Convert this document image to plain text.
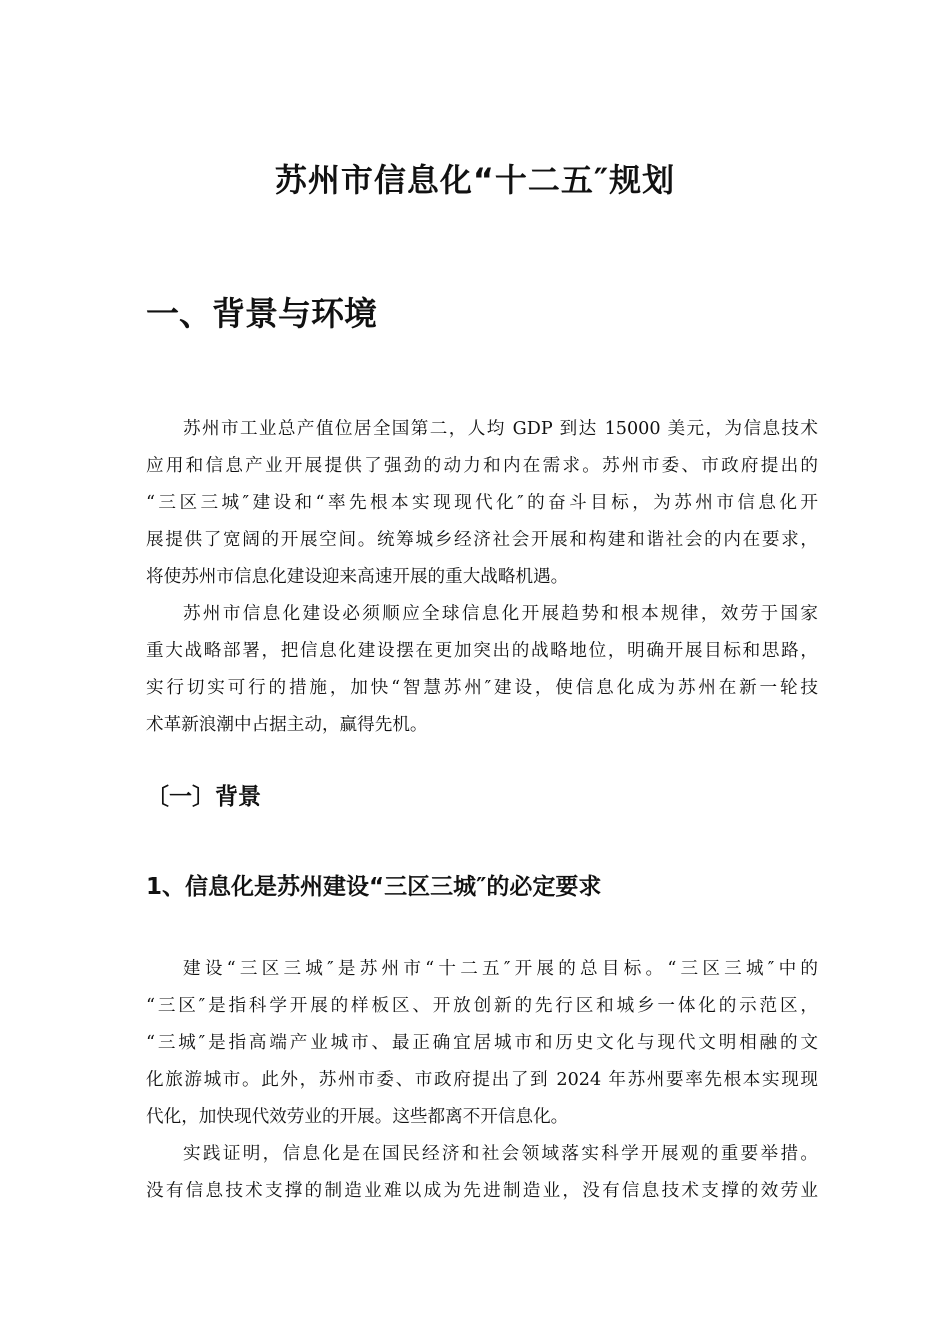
苏州市信息化“十二五″规划
一、背景与环境
苏州市工业总产值位居全国第二，人均 GDP 到达 15000 美元，为信息技术
应用和信息产业开展提供了强劲的动力和内在需求。苏州市委、市政府提出的
“三区三城″建设和“率先根本实现现代化″的奋斗目标，为苏州市信息化开
展提供了宽阔的开展空间。统筹城乡经济社会开展和构建和谐社会的内在要求，
将使苏州市信息化建设迎来高速开展的重大战略机遇。
苏州市信息化建设必须顺应全球信息化开展趋势和根本规律，效劳于国家
重大战略部署，把信息化建设摆在更加突出的战略地位，明确开展目标和思路，
实行切实可行的措施，加快“智慧苏州″建设，使信息化成为苏州在新一轮技
术革新浪潮中占据主动，赢得先机。
〔一〕背景
1、信息化是苏州建设“三区三城″的必定要求
建设“三区三城″是苏州市“十二五″开展的总目标。“三区三城″中的
“三区″是指科学开展的样板区、开放创新的先行区和城乡一体化的示范区，
“三城″是指高端产业城市、最正确宜居城市和历史文化与现代文明相融的文
化旅游城市。此外，苏州市委、市政府提出了到 2024 年苏州要率先根本实现现
代化，加快现代效劳业的开展。这些都离不开信息化。
实践证明，信息化是在国民经济和社会领域落实科学开展观的重要举措。
没有信息技术支撑的制造业难以成为先进制造业，没有信息技术支撑的效劳业
